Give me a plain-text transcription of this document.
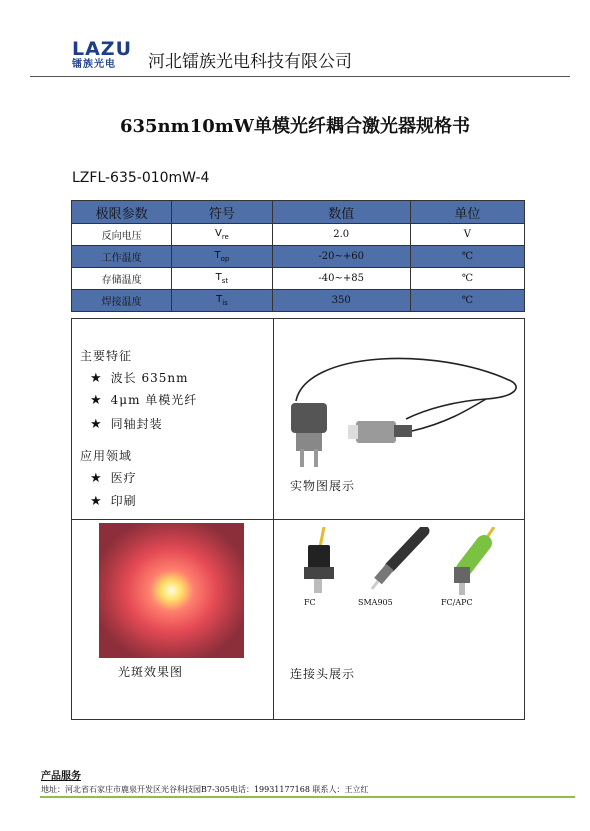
LAZU
镭族光电	河北镭族光电科技有限公司
635nm10mW单模光纤耦合激光器规格书
LZFL-635-010mW-4
极限参数	符号	数值	单位
反向电压	$V_{re}$	2.0	V
工作温度	$T_{op}$	-20~+60	℃
存储温度	$T_{st}$	-40~+85	℃
焊接温度	$T_{is}$	350	℃
主要特征
★ 波长 635nm
★ 4μm 单模光纤
★ 同轴封装
应用领域
★ 医疗
★ 印刷
实物图展示
光斑效果图
FC	SMA905	FC/APC
连接头展示
产品服务
地址：河北省石家庄市鹿泉开发区光谷科技园B7-305电话：19931177168 联系人：王立红
